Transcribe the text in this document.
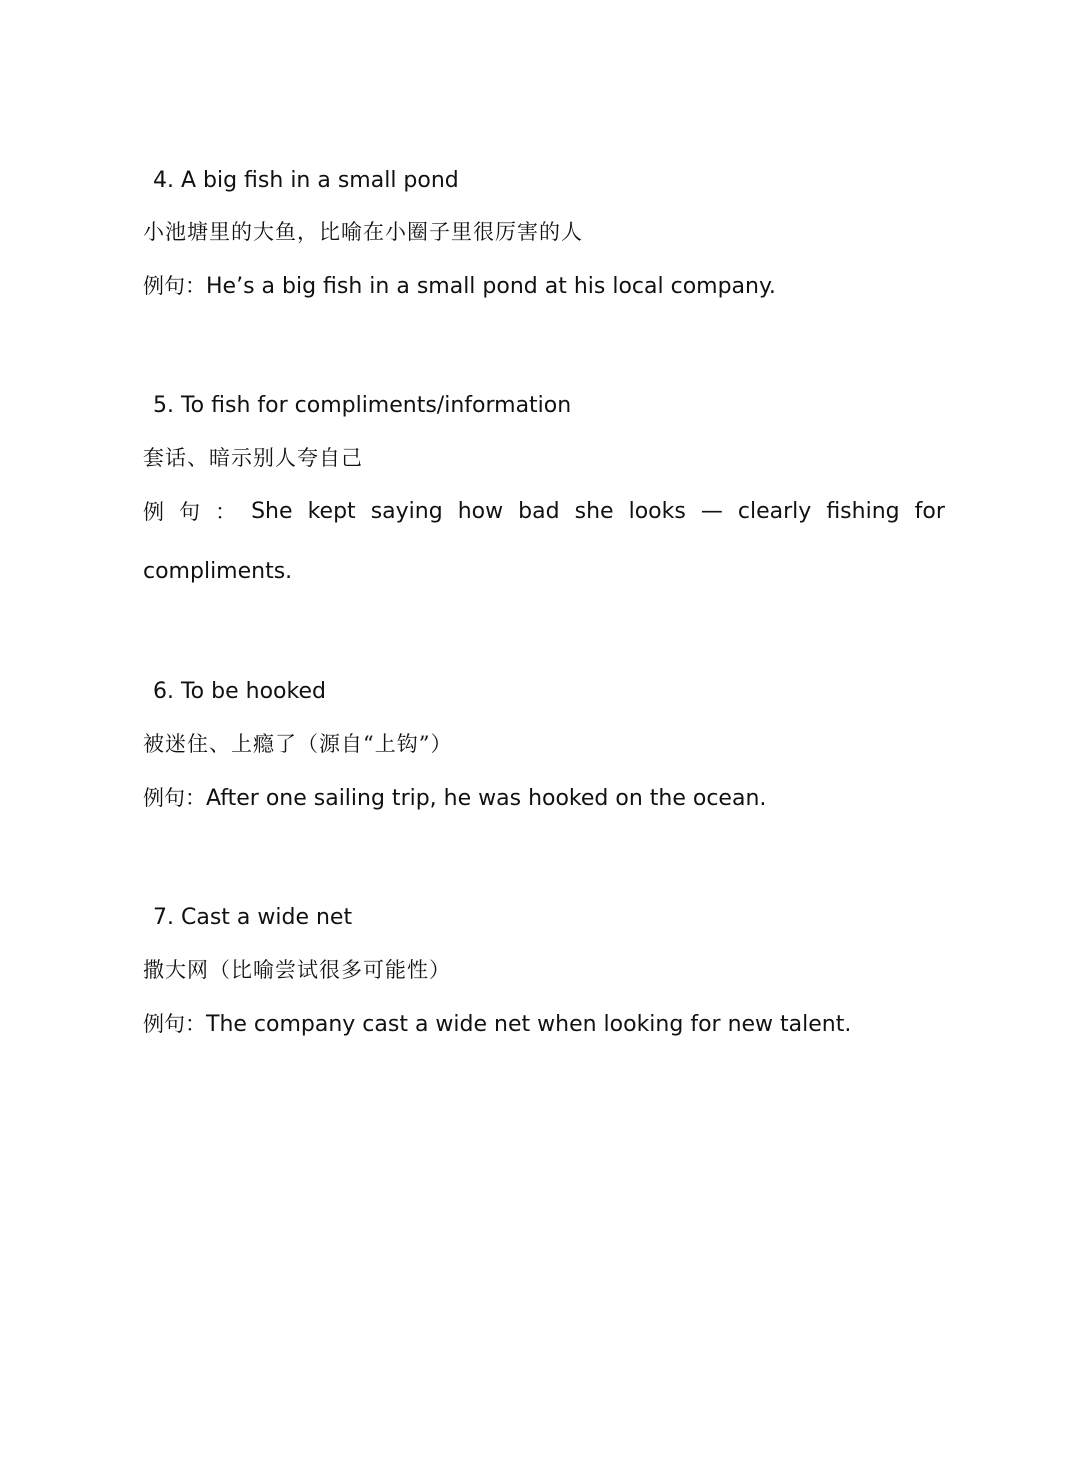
4. A big fish in a small pond
小池塘里的大鱼，比喻在小圈子里很厉害的人
例句：He’s a big fish in a small pond at his local company.
5. To fish for compliments/information
套话、暗示别人夸自己
例 句 ： She kept saying how bad she looks — clearly fishing for
compliments.
6. To be hooked
被迷住、上瘾了（源自“上钩”）
例句：After one sailing trip, he was hooked on the ocean.
7. Cast a wide net
撒大网（比喻尝试很多可能性）
例句：The company cast a wide net when looking for new talent.
